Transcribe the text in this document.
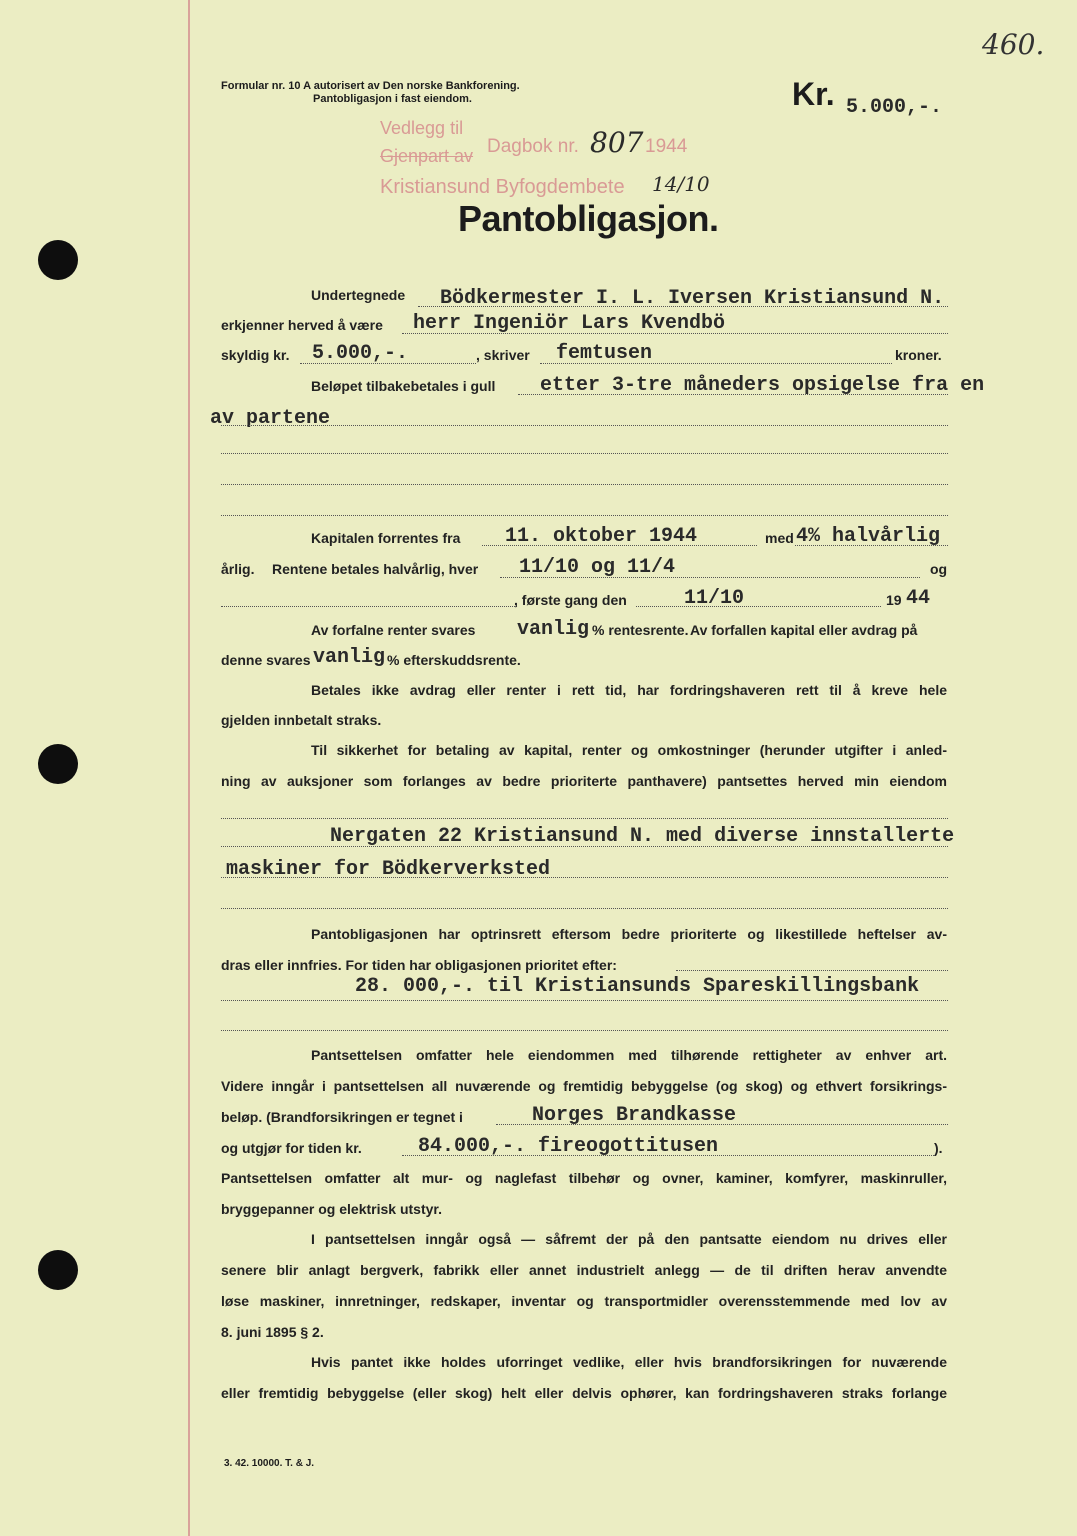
460.
Formular nr. 10 A autorisert av Den norske Bankforening.
Pantobligasjon i fast eiendom.	Kr. 5.000,-.
Vedlegg til
Gjenpart av
Kristiansund Byfogdembete
Dagbok nr. 807 1944
14/10
Pantobligasjon.
Undertegnede Bödkermester I. L. Iversen Kristiansund N.
erkjenner herved å være herr Ingeniör Lars Kvendbö
skyldig kr. 5.000,-.	, skriver femtusen	kroner.
Beløpet tilbakebetales i gull etter 3-tre måneders opsigelse fra en
av partene
Kapitalen forrentes fra 11. oktober 1944	med 4% halvårlig
årlig. Rentene betales halvårlig, hver 11/10 og 11/4	og
, første gang den	11/10	19 44
Av forfalne renter svares vanlig % rentesrente. Av forfallen kapital eller avdrag på
denne svares vanlig % efterskuddsrente.
Betales ikke avdrag eller renter i rett tid, har fordringshaveren rett til å kreve hele
gjelden innbetalt straks.
Til sikkerhet for betaling av kapital, renter og omkostninger (herunder utgifter i anled-
ning av auksjoner som forlanges av bedre prioriterte panthavere) pantsettes herved min eiendom
Nergaten 22 Kristiansund N. med diverse innstallerte
maskiner for Bödkerverksted
Pantobligasjonen har optrinsrett eftersom bedre prioriterte og likestillede heftelser av-
dras eller innfries. For tiden har obligasjonen prioritet efter:
28. 000,-. til Kristiansunds Spareskillingsbank
Pantsettelsen omfatter hele eiendommen med tilhørende rettigheter av enhver art.
Videre inngår i pantsettelsen all nuværende og fremtidig bebyggelse (og skog) og ethvert forsikrings-
beløp. (Brandforsikringen er tegnet i	Norges Brandkasse
og utgjør for tiden kr.	84.000,-. fireogottitusen	).
Pantsettelsen omfatter alt mur- og naglefast tilbehør og ovner, kaminer, komfyrer, maskinruller,
bryggepanner og elektrisk utstyr.
I pantsettelsen inngår også — såfremt der på den pantsatte eiendom nu drives eller
senere blir anlagt bergverk, fabrikk eller annet industrielt anlegg — de til driften herav anvendte
løse maskiner, innretninger, redskaper, inventar og transportmidler overensstemmende med lov av
8. juni 1895 § 2.
Hvis pantet ikke holdes uforringet vedlike, eller hvis brandforsikringen for nuværende
eller fremtidig bebyggelse (eller skog) helt eller delvis ophører, kan fordringshaveren straks forlange
3. 42. 10000. T. & J.
